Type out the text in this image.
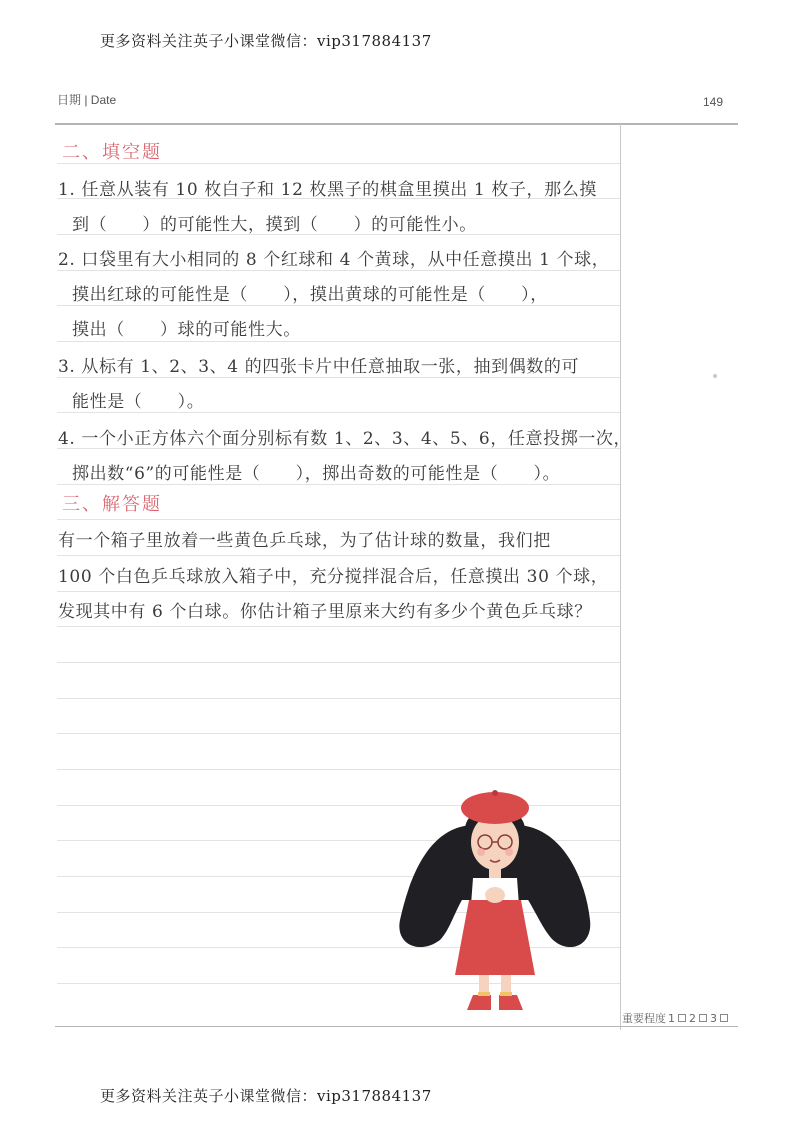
更多资料关注英子小课堂微信：vip317884137
日期 | Date	149
二、填空题
1. 任意从装有 10 枚白子和 12 枚黑子的棋盒里摸出 1 枚子，那么摸
到（　　）的可能性大，摸到（　　）的可能性小。
2. 口袋里有大小相同的 8 个红球和 4 个黄球，从中任意摸出 1 个球，
摸出红球的可能性是（　　），摸出黄球的可能性是（　　），
摸出（　　）球的可能性大。
3. 从标有 1、2、3、4 的四张卡片中任意抽取一张，抽到偶数的可
能性是（　　）。
4. 一个小正方体六个面分别标有数 1、2、3、4、5、6，任意投掷一次，
掷出数“6”的可能性是（　　），掷出奇数的可能性是（　　）。
三、解答题
有一个箱子里放着一些黄色乒乓球，为了估计球的数量，我们把
100 个白色乒乓球放入箱子中，充分搅拌混合后，任意摸出 30 个球，
发现其中有 6 个白球。你估计箱子里原来大约有多少个黄色乒乓球？
重要程度 1 2 3
更多资料关注英子小课堂微信：vip317884137
